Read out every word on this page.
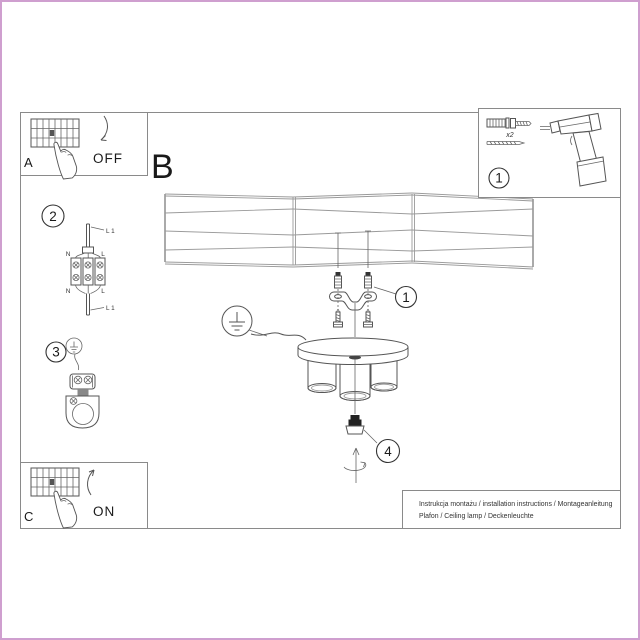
1
4
2
L 1
N	L
N	L
L 1
3
A	OFF B
x2
1
C	ON	Instrukcja montażu / installation instructions / Montageanleitung
Plafon / Ceiling lamp / Deckenleuchte
